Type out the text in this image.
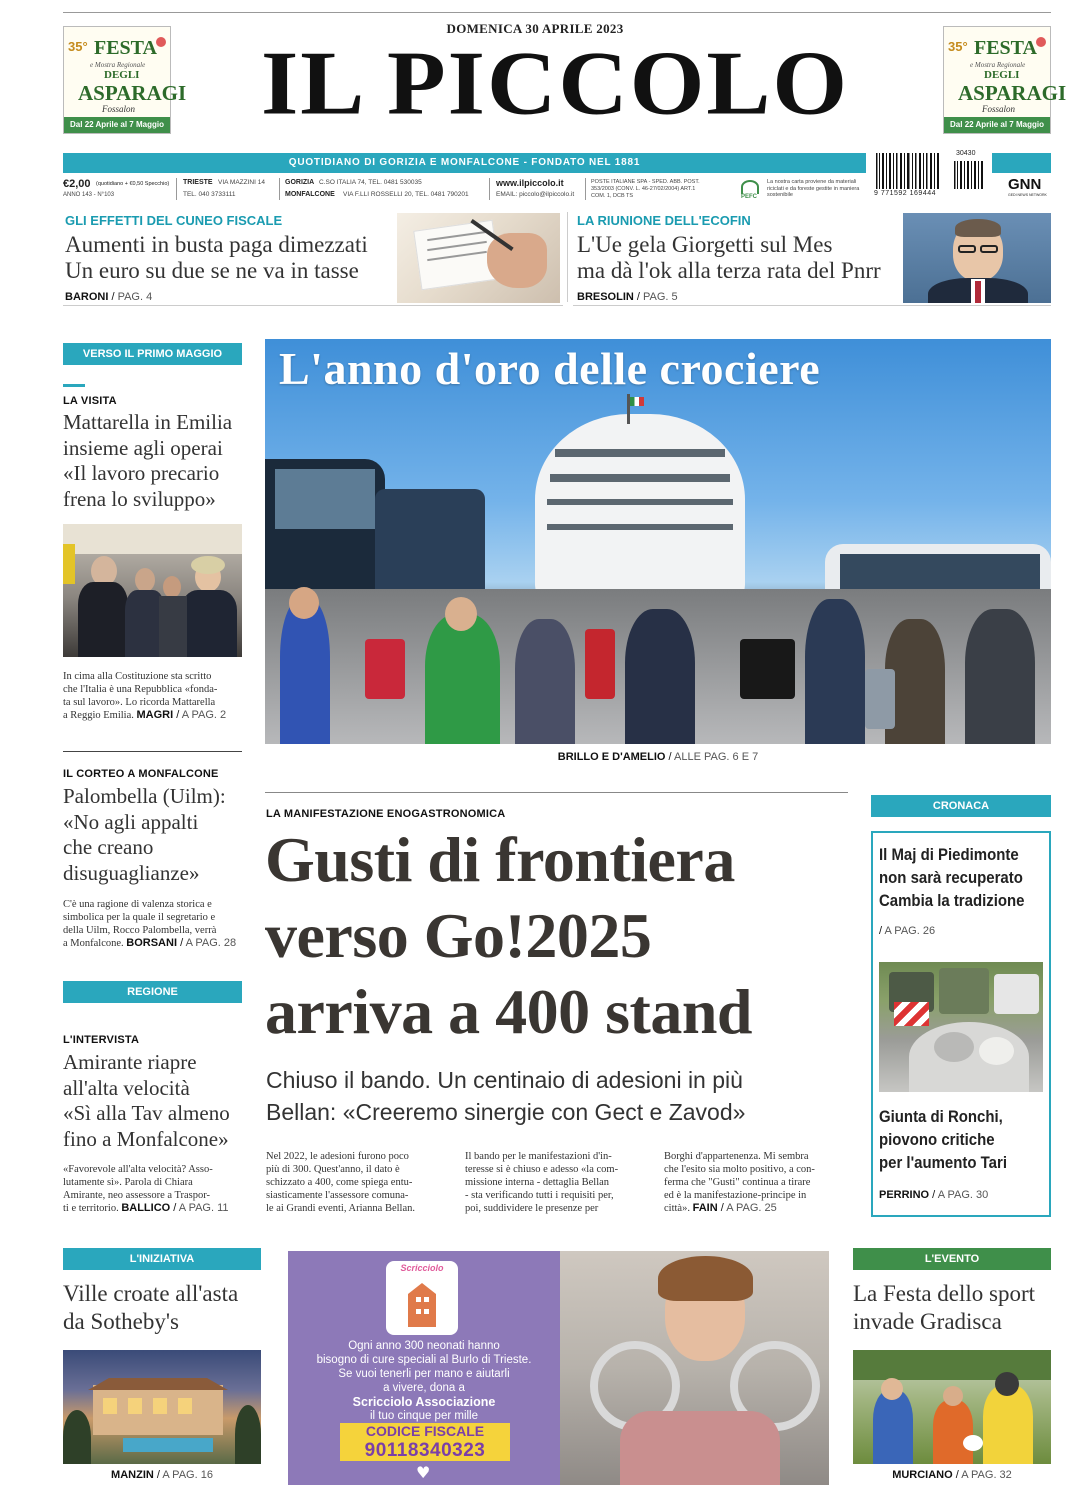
35° FESTA
e Mostra Regionale
DEGLI
ASPARAGI
Fossalon
Dal 22 Aprile al 7 Maggio
35° FESTA
e Mostra Regionale
DEGLI
ASPARAGI
Fossalon
Dal 22 Aprile al 7 Maggio
DOMENICA 30 APRILE 2023
IL PICCOLO
QUOTIDIANO DI GORIZIA E MONFALCONE - FONDATO NEL 1881
30430
9 771592 169444
€2,00 (quotidiano + €0,50 Specchio)
ANNO 143 - N°103
TRIESTE VIA MAZZINI 14
TEL. 040 3733111
GORIZIA C.SO ITALIA 74, TEL. 0481 530035
MONFALCONE VIA F.LLI ROSSELLI 20, TEL. 0481 790201
www.ilpiccolo.it
EMAIL: piccolo@ilpiccolo.it
POSTE ITALIANE SPA - SPED. ABB. POST. 353/2003 (CONV. L. 46-27/02/2004) ART.1 COM. 1, DCB TS	PEFC
La nostra carta proviene da materiali riciclati e da foreste gestite in maniera sostenibile
GNN
GEDI NEWS NETWORK
GLI EFFETTI DEL CUNEO FISCALE
Aumenti in busta paga dimezzati
Un euro su due se ne va in tasse
BARONI / PAG. 4
LA RIUNIONE DELL'ECOFIN
L'Ue gela Giorgetti sul Mes
ma dà l'ok alla terza rata del Pnrr
BRESOLIN / PAG. 5
VERSO IL PRIMO MAGGIO
LA VISITA
Mattarella in Emilia
insieme agli operai
«Il lavoro precario
frena lo sviluppo»
In cima alla Costituzione sta scritto
che l'Italia è una Repubblica «fonda-
ta sul lavoro». Lo ricorda Mattarella
a Reggio Emilia. MAGRI / A PAG. 2
IL CORTEO A MONFALCONE
Palombella (Uilm):
«No agli appalti
che creano
disuguaglianze»
C'è una ragione di valenza storica e
simbolica per la quale il segretario e
della Uilm, Rocco Palombella, verrà
a Monfalcone. BORSANI / A PAG. 28
REGIONE
L'INTERVISTA
Amirante riapre
all'alta velocità
«Sì alla Tav almeno
fino a Monfalcone»
«Favorevole all'alta velocità? Asso-
lutamente sì». Parola di Chiara
Amirante, neo assessore a Traspor-
ti e territorio. BALLICO / A PAG. 11
L'anno d'oro delle crociere
BRILLO E D'AMELIO / ALLE PAG. 6 E 7
LA MANIFESTAZIONE ENOGASTRONOMICA
Gusti di frontiera
verso Go!2025
arriva a 400 stand
Chiuso il bando. Un centinaio di adesioni in più
Bellan: «Creeremo sinergie con Gect e Zavod»
Nel 2022, le adesioni furono poco
più di 300. Quest'anno, il dato è
schizzato a 400, come spiega entu-
siasticamente l'assessore comuna-
le ai Grandi eventi, Arianna Bellan.
Il bando per le manifestazioni d'in-
teresse si è chiuso e adesso «la com-
missione interna - dettaglia Bellan
- sta verificando tutti i requisiti per,
poi, suddividere le presenze per
Borghi d'appartenenza. Mi sembra
che l'esito sia molto positivo, a con-
ferma che "Gusti" continua a tirare
ed è la manifestazione-principe in
città». FAIN / A PAG. 25
CRONACA
Il Maj di Piedimonte
non sarà recuperato
Cambia la tradizione
/ A PAG. 26
Giunta di Ronchi,
piovono critiche
per l'aumento Tari
PERRINO / A PAG. 30
L'INIZIATIVA
Ville croate all'asta
da Sotheby's
MANZIN / A PAG. 16
Scricciolo
Ogni anno 300 neonati hanno
bisogno di cure speciali al Burlo di Trieste.
Se vuoi tenerli per mano e aiutarli
a vivere, dona a
Scricciolo Associazione
il tuo cinque per mille
CODICE FISCALE
90118340323
♥
L'EVENTO
La Festa dello sport
invade Gradisca
MURCIANO / A PAG. 32
